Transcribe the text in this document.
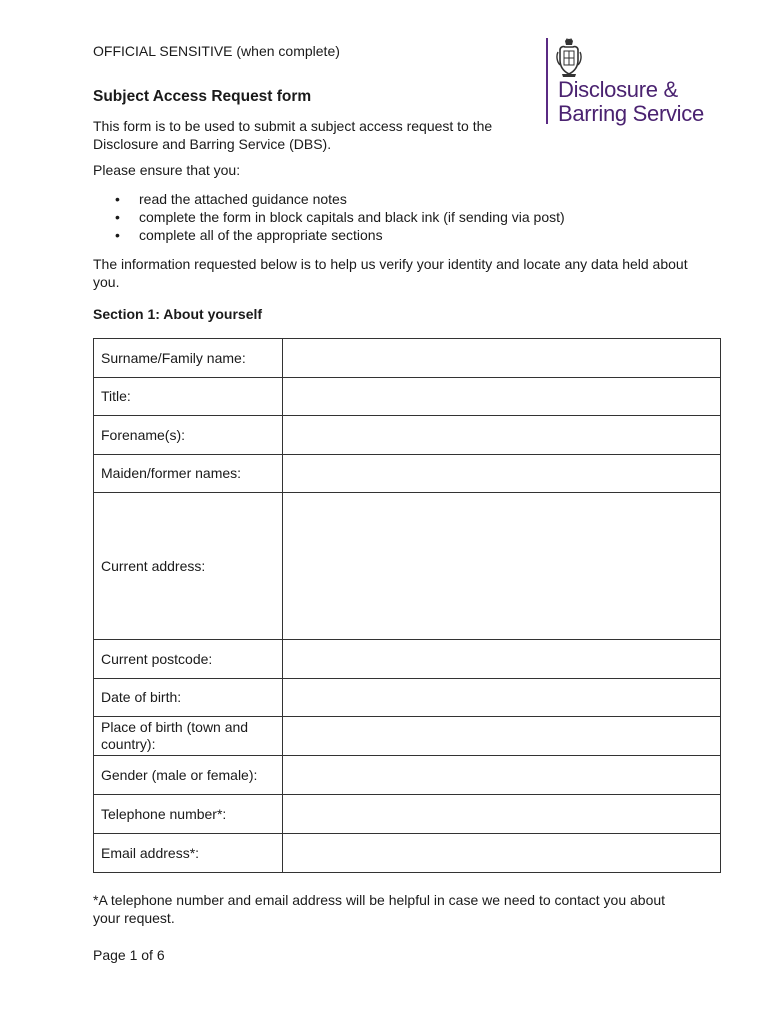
OFFICIAL SENSITIVE (when complete)
Disclosure &
Barring Service
Subject Access Request form
This form is to be used to submit a subject access request to the Disclosure and Barring Service (DBS).
Please ensure that you:
• read the attached guidance notes
• complete the form in block capitals and black ink (if sending via post)
• complete all of the appropriate sections
The information requested below is to help us verify your identity and locate any data held about you.
Section 1: About yourself
Surname/Family name:	
Title:	
Forename(s):	
Maiden/former names:	
Current address:	
Current postcode:	
Date of birth:	
Place of birth (town and country):	
Gender (male or female):	
Telephone number*:	
Email address*:	
*A telephone number and email address will be helpful in case we need to contact you about your request.
Page 1 of 6
